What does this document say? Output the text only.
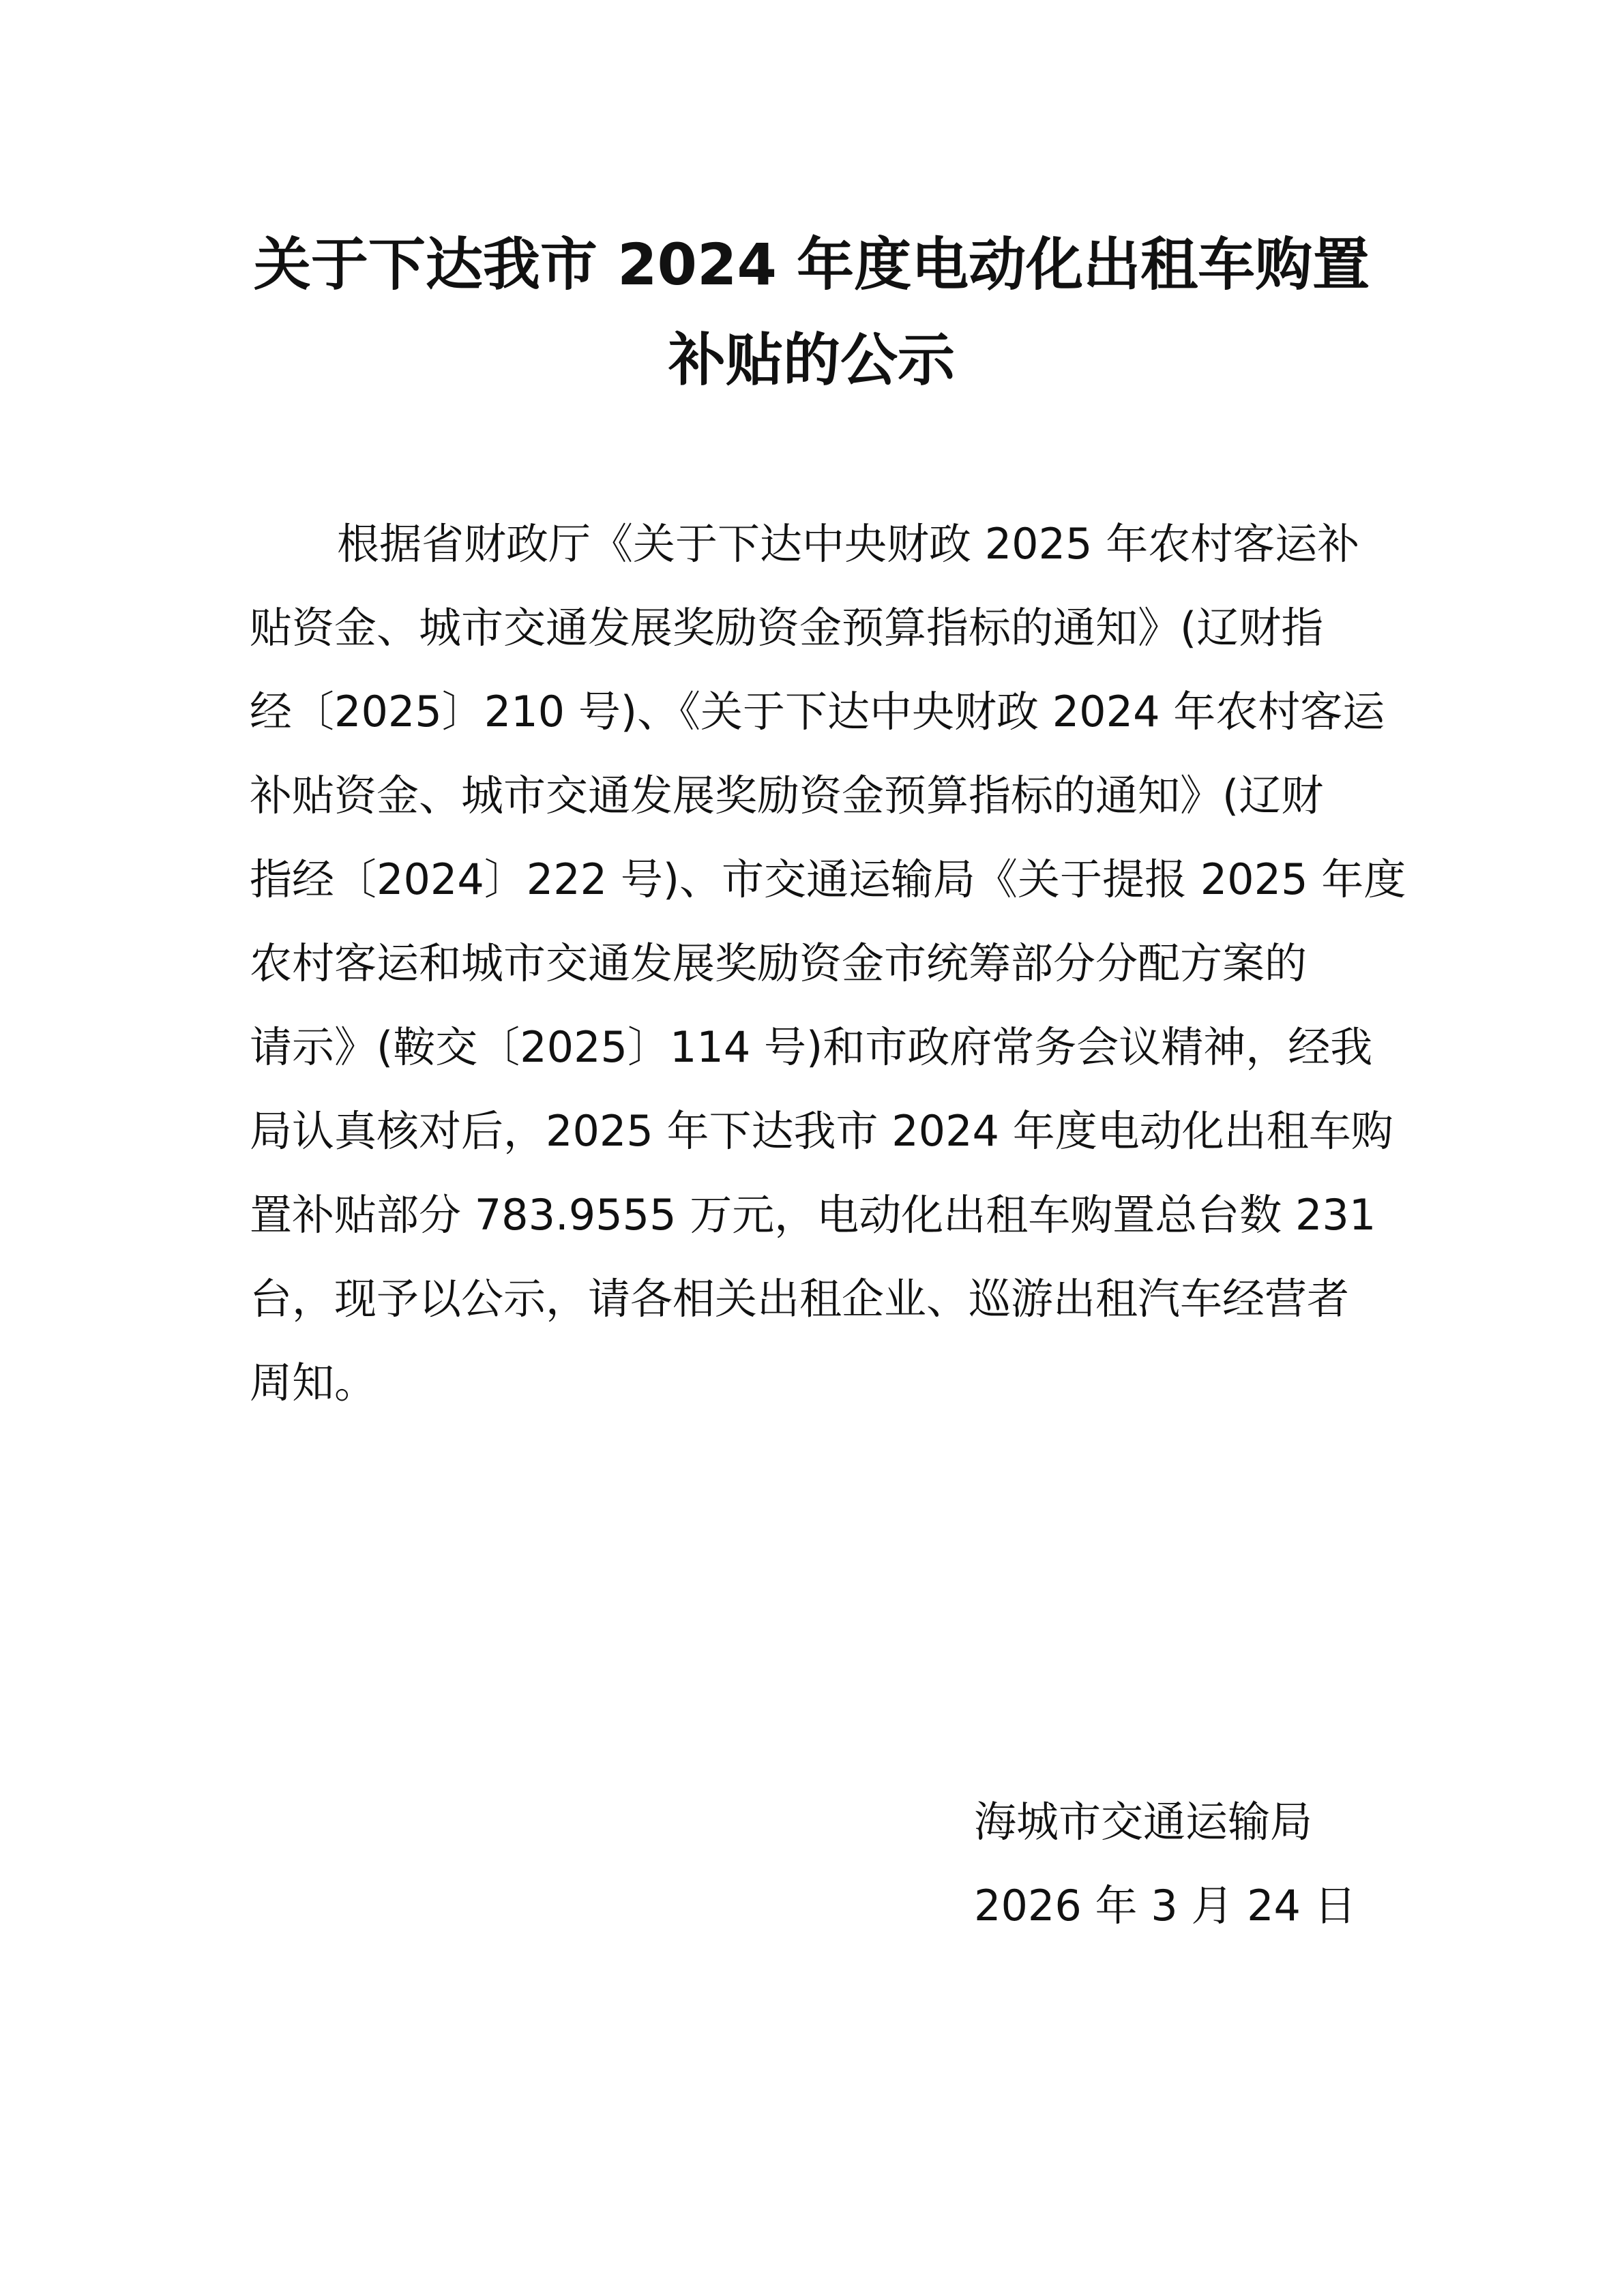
关于下达我市 2024 年度电动化出租车购置
补贴的公示
根据省财政厅《关于下达中央财政 2025 年农村客运补
贴资金、城市交通发展奖励资金预算指标的通知》(辽财指
经〔2025〕210 号)、《关于下达中央财政 2024 年农村客运
补贴资金、城市交通发展奖励资金预算指标的通知》(辽财
指经〔2024〕222 号)、市交通运输局《关于提报 2025 年度
农村客运和城市交通发展奖励资金市统筹部分分配方案的
请示》(鞍交〔2025〕114 号)和市政府常务会议精神，经我
局认真核对后，2025 年下达我市 2024 年度电动化出租车购
置补贴部分 783.9555 万元，电动化出租车购置总台数 231
台，现予以公示，请各相关出租企业、巡游出租汽车经营者
周知。
海城市交通运输局
2026 年 3 月 24 日
